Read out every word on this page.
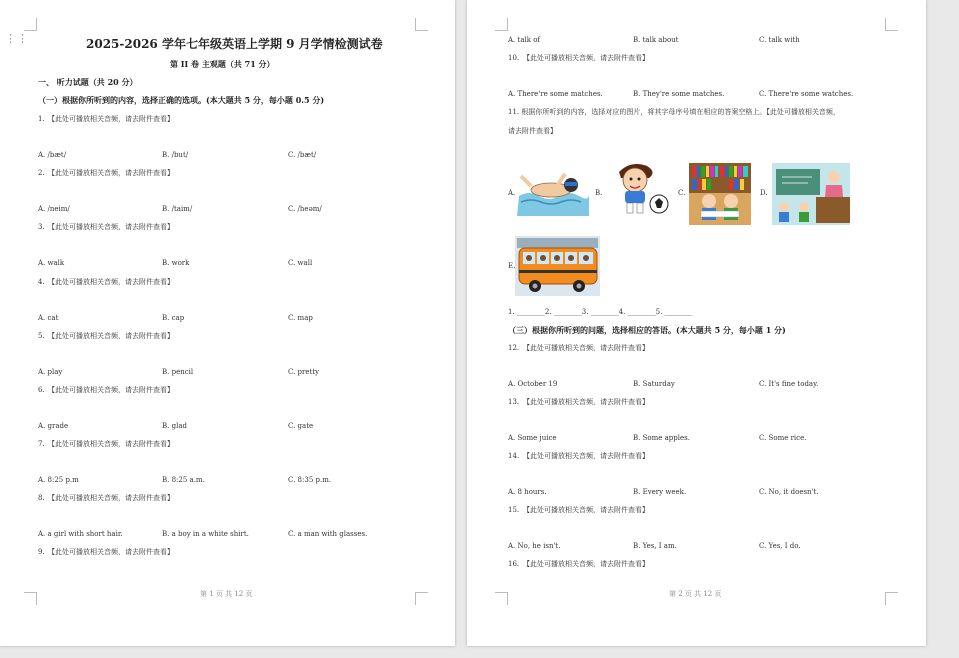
⋮⋮	2025-2026 学年七年级英语上学期 9 月学情检测试卷
第 II 卷 主观题（共 71 分）
一、 听力试题（共 20 分）
（一）根据你所听到的内容，选择正确的选项。(本大题共 5 分，每小题 0.5 分)
1. 【此处可播放相关音频，请去附件查看】
A. /bæt/	B. /but/	C. /bæt/
2. 【此处可播放相关音频，请去附件查看】
A. /neim/	B. /taim/	C. /heəm/
3. 【此处可播放相关音频，请去附件查看】
A. walk	B. work	C. wall
4. 【此处可播放相关音频，请去附件查看】
A. cat	B. cap	C. map
5. 【此处可播放相关音频，请去附件查看】
A. play	B. pencil	C. pretty
6. 【此处可播放相关音频，请去附件查看】
A. grade	B. glad	C. gate
7. 【此处可播放相关音频，请去附件查看】
A. 8:25 p.m	B. 8:25 a.m.	C. 8:35 p.m.
8. 【此处可播放相关音频，请去附件查看】
A. a girl with short hair.	B. a boy in a white shirt.	C. a man with glasses.
9. 【此处可播放相关音频，请去附件查看】
第 1 页 共 12 页
A. talk of	B. talk about	C. talk with
10. 【此处可播放相关音频，请去附件查看】
A. There're some matches.	B. They're some matches.	C. There're some watches.
11. 根据你所听到的内容，选择对应的图片，将其字母序号填在相应的答案空格上。【此处可播放相关音频，
请去附件查看】
A.	B.	C.	D.
E.
1. ________2. ________3. ________4. ________5. ________
（三）根据你所听到的问题，选择相应的答语。(本大题共 5 分，每小题 1 分)
12. 【此处可播放相关音频，请去附件查看】
A. October 19	B. Saturday	C. It's fine today.
13. 【此处可播放相关音频，请去附件查看】
A. Some juice	B. Some apples.	C. Some rice.
14. 【此处可播放相关音频，请去附件查看】
A. 8 hours.	B. Every week.	C. No, it doesn't.
15. 【此处可播放相关音频，请去附件查看】
A. No, he isn't.	B. Yes, I am.	C. Yes, I do.
16. 【此处可播放相关音频，请去附件查看】
第 2 页 共 12 页
